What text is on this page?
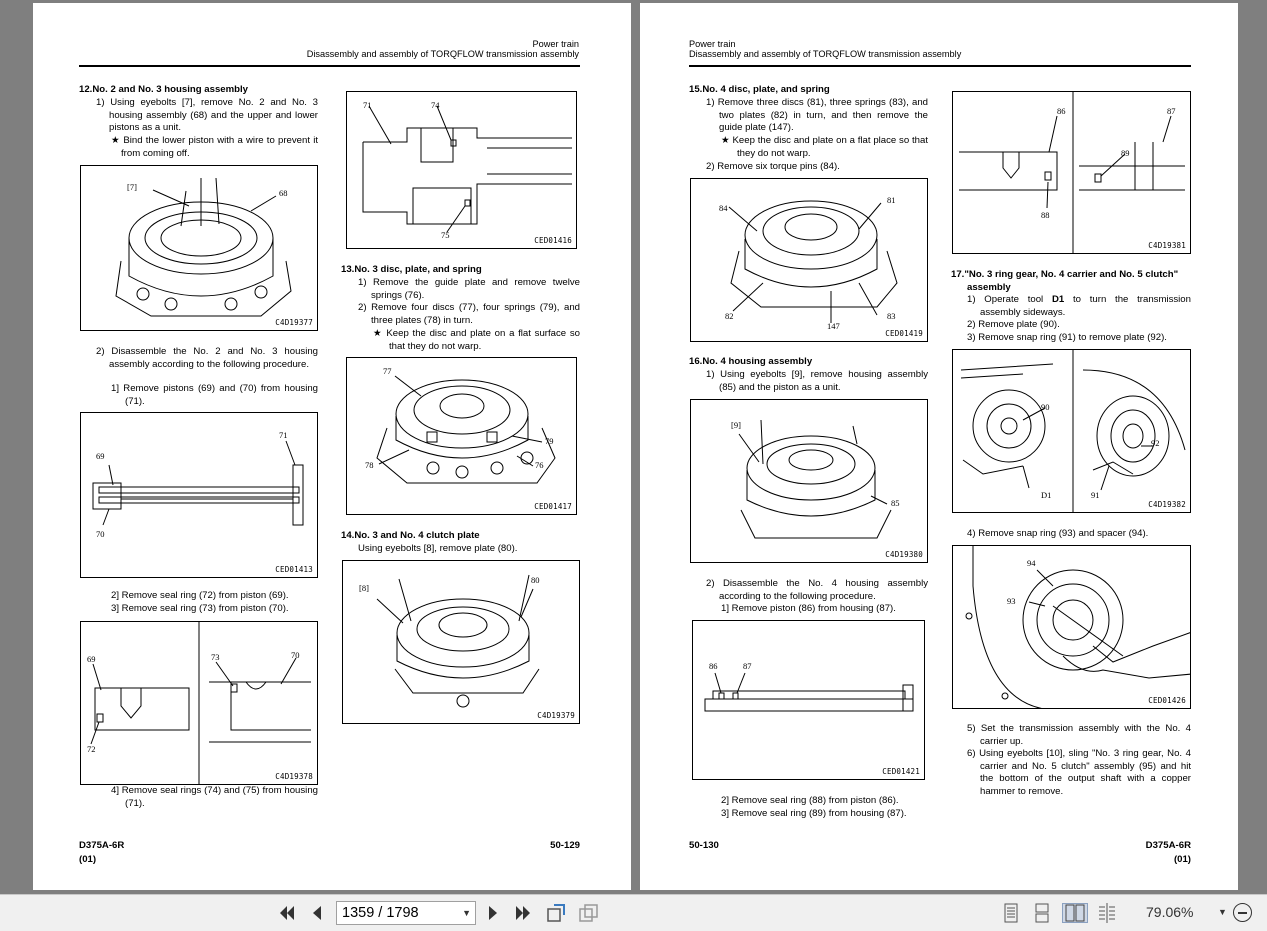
Power train
Disassembly and assembly of TORQFLOW transmission assembly
12.No. 2 and No. 3 housing assembly
1) Using eyebolts [7], remove No. 2 and No. 3 housing assembly (68) and the upper and lower pistons as a unit.
★ Bind the lower piston with a wire to prevent it from coming off.
[7]
68
C4D19377
2) Disassemble the No. 2 and No. 3 housing assembly according to the following procedure.
1] Remove pistons (69) and (70) from housing (71).
71
69
70
CED01413
2] Remove seal ring (72) from piston (69).
3] Remove seal ring (73) from piston (70).
69
72
73	70
C4D19378
4] Remove seal rings (74) and (75) from housing (71).
71	74
75
CED01416
13.No. 3 disc, plate, and spring
1) Remove the guide plate and remove twelve springs (76).
2) Remove four discs (77), four springs (79), and three plates (78) in turn.
★ Keep the disc and plate on a flat surface so that they do not warp.
77
79
78	76
CED01417
14.No. 3 and No. 4 clutch plate
Using eyebolts [8], remove plate (80).
[8]
80
C4D19379
D375A-6R
(01)
50-129
Power train
Disassembly and assembly of TORQFLOW transmission assembly
15.No. 4 disc, plate, and spring
1) Remove three discs (81), three springs (83), and two plates (82) in turn, and then remove the guide plate (147).
★ Keep the disc and plate on a flat place so that they do not warp.
2) Remove six torque pins (84).
84
81
82
147
83
CED01419
16.No. 4 housing assembly
1) Using eyebolts [9], remove housing assembly (85) and the piston as a unit.
[9]
85
C4D19380
2) Disassemble the No. 4 housing assembly according to the following procedure.
1] Remove piston (86) from housing (87).
86	87
CED01421
2] Remove seal ring (88) from piston (86).
3] Remove seal ring (89) from housing (87).
86	87
89
88
C4D19381
17."No. 3 ring gear, No. 4 carrier and No. 5 clutch" assembly
1) Operate tool D1 to turn the transmission assembly sideways.
2) Remove plate (90).
3) Remove snap ring (91) to remove plate (92).
90
92
D1	91
C4D19382
4) Remove snap ring (93) and spacer (94).
94
93
CED01426
5) Set the transmission assembly with the No. 4 carrier up.
6) Using eyebolts [10], sling "No. 3 ring gear, No. 4 carrier and No. 5 clutch" assembly (95) and hit the bottom of the output shaft with a copper hammer to remove.
50-130	D375A-6R
(01)
1359 / 1798	▼	79.06%	▼
